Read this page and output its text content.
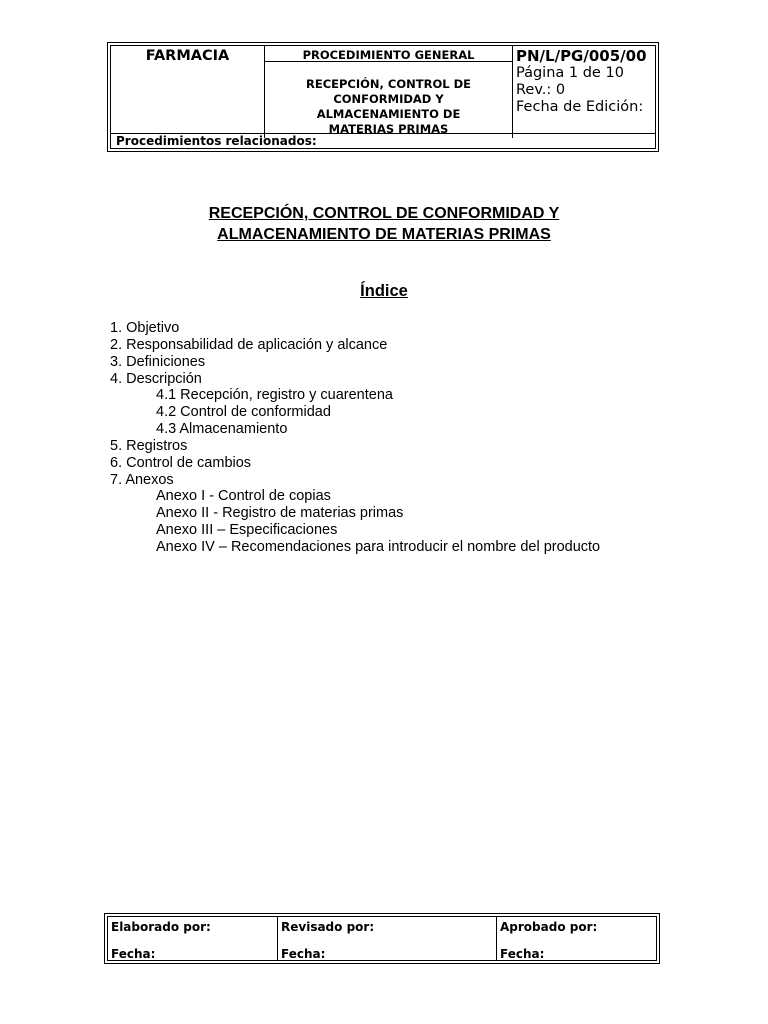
FARMACIA	PROCEDIMIENTO GENERAL
RECEPCIÓN, CONTROL DE CONFORMIDAD Y ALMACENAMIENTO DE MATERIAS PRIMAS
PN/L/PG/005/00
Página 1 de 10
Rev.: 0
Fecha de Edición:
Procedimientos relacionados:
RECEPCIÓN, CONTROL DE CONFORMIDAD Y
ALMACENAMIENTO DE MATERIAS PRIMAS
Índice
1. Objetivo
2. Responsabilidad de aplicación y alcance
3. Definiciones
4. Descripción
4.1 Recepción, registro y cuarentena
4.2 Control de conformidad
4.3 Almacenamiento
5. Registros
6. Control de cambios
7. Anexos
Anexo I - Control de copias
Anexo II - Registro de materias primas
Anexo III – Especificaciones
Anexo IV – Recomendaciones para introducir el nombre del producto
Elaborado por:
Fecha:
Revisado por:
Fecha:
Aprobado por:
Fecha:
